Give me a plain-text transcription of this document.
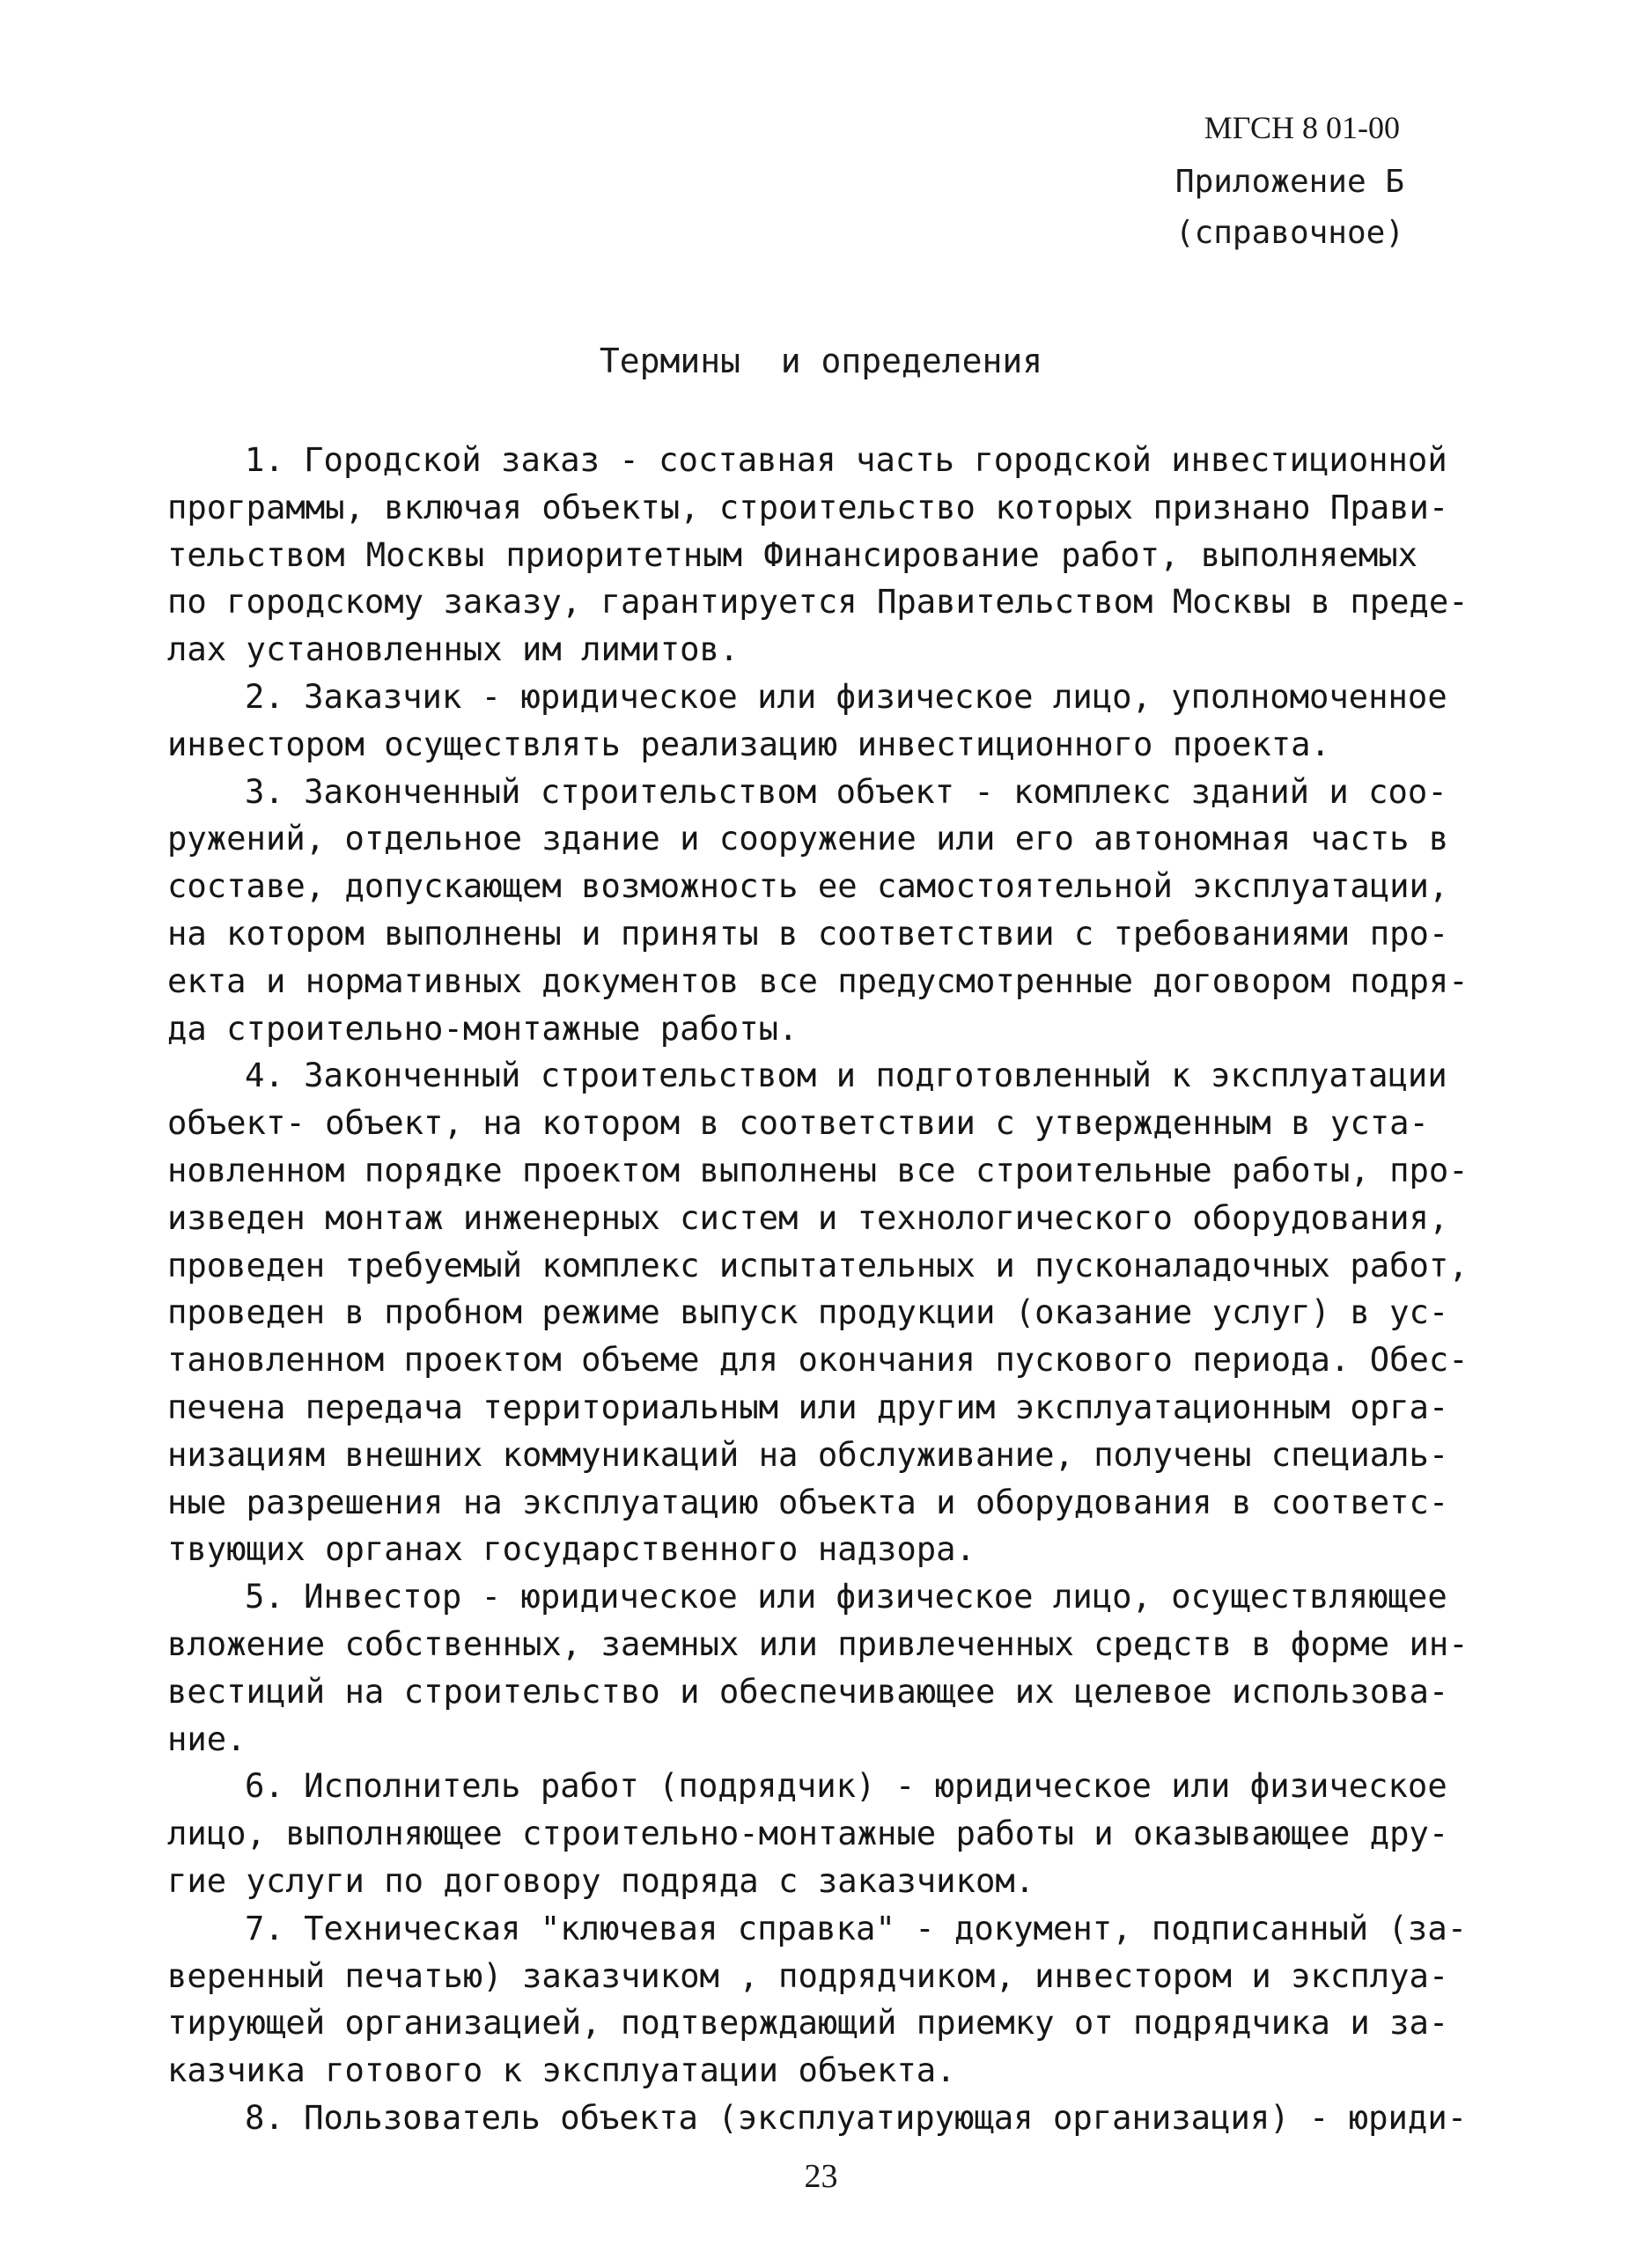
МГСН 8 01-00
Приложение Б
(справочное)
Термины  и определения
1. Городской заказ - составная часть городской инвестиционной
программы, включая объекты, строительство которых признано Прави-
тельством Москвы приоритетным Финансирование работ, выполняемых
по городскому заказу, гарантируется Правительством Москвы в преде-
лах установленных им лимитов.
2. Заказчик - юридическое или физическое лицо, уполномоченное
инвестором осуществлять реализацию инвестиционного проекта.
3. Законченный строительством объект - комплекс зданий и соо-
ружений, отдельное здание и сооружение или его автономная часть в
составе, допускающем возможность ее самостоятельной эксплуатации,
на котором выполнены и приняты в соответствии с требованиями про-
екта и нормативных документов все предусмотренные договором подря-
да строительно-монтажные работы.
4. Законченный строительством и подготовленный к эксплуатации
объект- объект, на котором в соответствии с утвержденным в уста-
новленном порядке проектом выполнены все строительные работы, про-
изведен монтаж инженерных систем и технологического оборудования,
проведен требуемый комплекс испытательных и пусконаладочных работ,
проведен в пробном режиме выпуск продукции (оказание услуг) в ус-
тановленном проектом объеме для окончания пускового периода. Обес-
печена передача территориальным или другим эксплуатационным орга-
низациям внешних коммуникаций на обслуживание, получены специаль-
ные разрешения на эксплуатацию объекта и оборудования в соответс-
твующих органах государственного надзора.
5. Инвестор - юридическое или физическое лицо, осуществляющее
вложение собственных, заемных или привлеченных средств в форме ин-
вестиций на строительство и обеспечивающее их целевое использова-
ние.
6. Исполнитель работ (подрядчик) - юридическое или физическое
лицо, выполняющее строительно-монтажные работы и оказывающее дру-
гие услуги по договору подряда с заказчиком.
7. Техническая "ключевая справка" - документ, подписанный (за-
веренный печатью) заказчиком , подрядчиком, инвестором и эксплуа-
тирующей организацией, подтверждающий приемку от подрядчика и за-
казчика готового к эксплуатации объекта.
8. Пользователь объекта (эксплуатирующая организация) - юриди-
23
